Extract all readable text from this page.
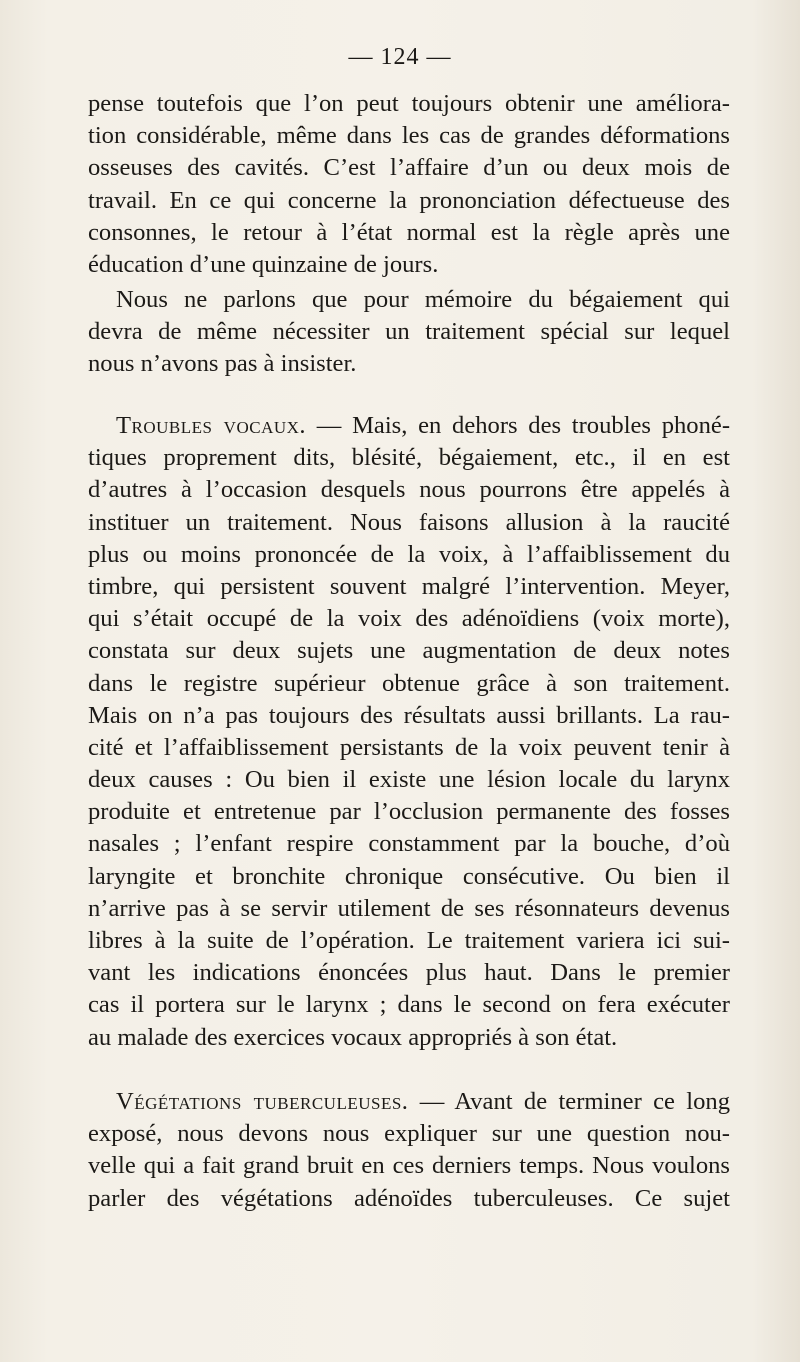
— 124 —
pense toutefois que l’on peut toujours obtenir une améliora-
tion considérable, même dans les cas de grandes déformations
osseuses des cavités. C’est l’affaire d’un ou deux mois de
travail. En ce qui concerne la prononciation défectueuse des
consonnes, le retour à l’état normal est la règle après une
éducation d’une quinzaine de jours.
Nous ne parlons que pour mémoire du bégaiement qui
devra de même nécessiter un traitement spécial sur lequel
nous n’avons pas à insister.
Troubles vocaux. — Mais, en dehors des troubles phoné-
tiques proprement dits, blésité, bégaiement, etc., il en est
d’autres à l’occasion desquels nous pourrons être appelés à
instituer un traitement. Nous faisons allusion à la raucité
plus ou moins prononcée de la voix, à l’affaiblissement du
timbre, qui persistent souvent malgré l’intervention. Meyer,
qui s’était occupé de la voix des adénoïdiens (voix morte),
constata sur deux sujets une augmentation de deux notes
dans le registre supérieur obtenue grâce à son traitement.
Mais on n’a pas toujours des résultats aussi brillants. La rau-
cité et l’affaiblissement persistants de la voix peuvent tenir à
deux causes : Ou bien il existe une lésion locale du larynx
produite et entretenue par l’occlusion permanente des fosses
nasales ; l’enfant respire constamment par la bouche, d’où
laryngite et bronchite chronique consécutive. Ou bien il
n’arrive pas à se servir utilement de ses résonnateurs devenus
libres à la suite de l’opération. Le traitement variera ici sui-
vant les indications énoncées plus haut. Dans le premier
cas il portera sur le larynx ; dans le second on fera exécuter
au malade des exercices vocaux appropriés à son état.
Végétations tuberculeuses. — Avant de terminer ce long
exposé, nous devons nous expliquer sur une question nou-
velle qui a fait grand bruit en ces derniers temps. Nous voulons
parler des végétations adénoïdes tuberculeuses. Ce sujet
